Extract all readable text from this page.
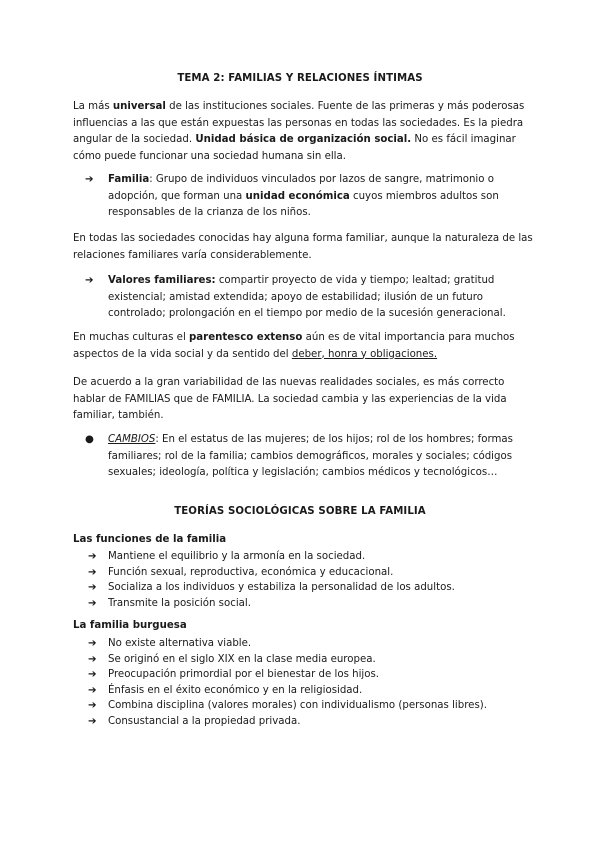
TEMA 2: FAMILIAS Y RELACIONES ÍNTIMAS
La más universal de las instituciones sociales. Fuente de las primeras y más poderosas influencias a las que están expuestas las personas en todas las sociedades. Es la piedra angular de la sociedad. Unidad básica de organización social. No es fácil imaginar cómo puede funcionar una sociedad humana sin ella.
➔ Familia: Grupo de individuos vinculados por lazos de sangre, matrimonio o adopción, que forman una unidad económica cuyos miembros adultos son responsables de la crianza de los niños.
En todas las sociedades conocidas hay alguna forma familiar, aunque la naturaleza de las relaciones familiares varía considerablemente.
➔ Valores familiares: compartir proyecto de vida y tiempo; lealtad; gratitud existencial; amistad extendida; apoyo de estabilidad; ilusión de un futuro controlado; prolongación en el tiempo por medio de la sucesión generacional.
En muchas culturas el parentesco extenso aún es de vital importancia para muchos aspectos de la vida social y da sentido del deber, honra y obligaciones.
De acuerdo a la gran variabilidad de las nuevas realidades sociales, es más correcto hablar de FAMILIAS que de FAMILIA. La sociedad cambia y las experiencias de la vida familiar, también.
● CAMBIOS: En el estatus de las mujeres; de los hijos; rol de los hombres; formas familiares; rol de la familia; cambios demográficos, morales y sociales; códigos sexuales; ideología, política y legislación; cambios médicos y tecnológicos…
TEORÍAS SOCIOLÓGICAS SOBRE LA FAMILIA
Las funciones de la familia
➔ Mantiene el equilibrio y la armonía en la sociedad.
➔ Función sexual, reproductiva, económica y educacional.
➔ Socializa a los individuos y estabiliza la personalidad de los adultos.
➔ Transmite la posición social.
La familia burguesa
➔ No existe alternativa viable.
➔ Se originó en el siglo XIX en la clase media europea.
➔ Preocupación primordial por el bienestar de los hijos.
➔ Énfasis en el éxito económico y en la religiosidad.
➔ Combina disciplina (valores morales) con individualismo (personas libres).
➔ Consustancial a la propiedad privada.
